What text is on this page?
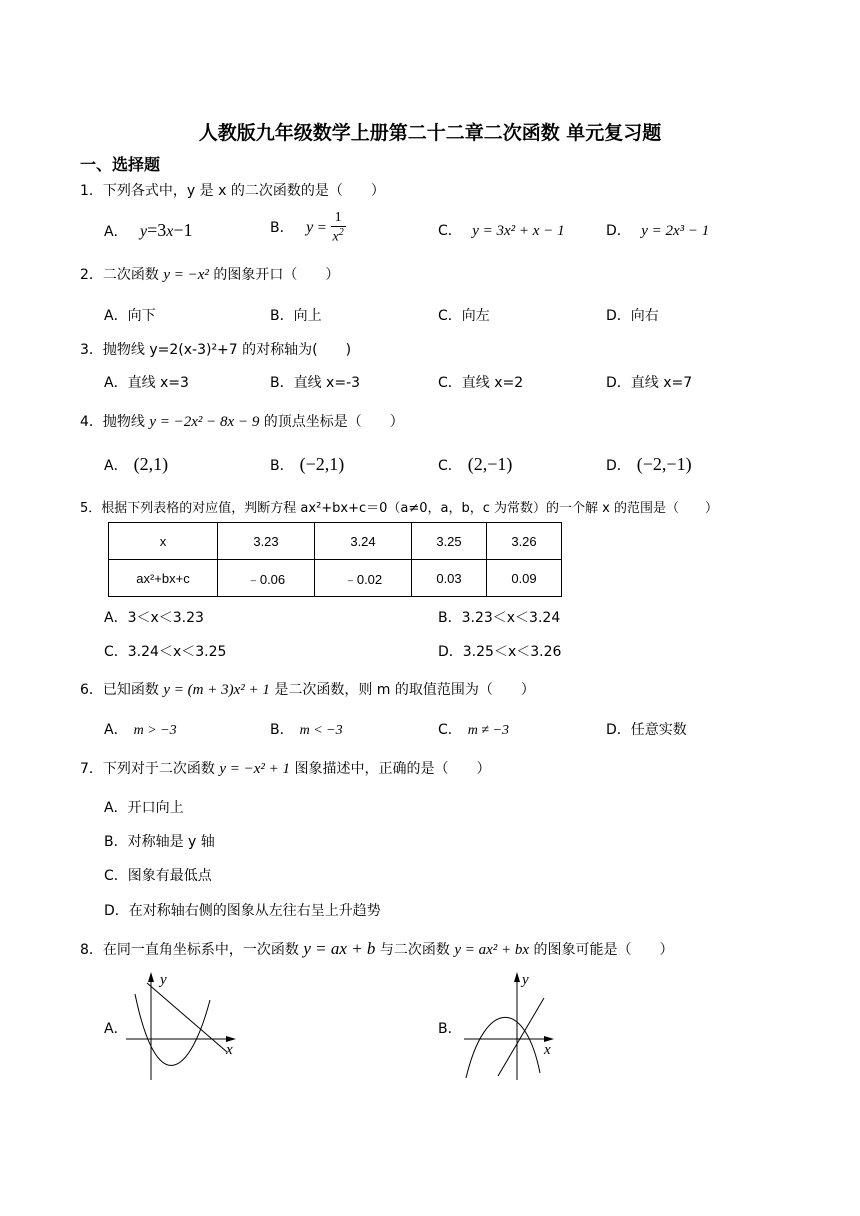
人教版九年级数学上册第二十二章二次函数 单元复习题
一、选择题
1．下列各式中，y 是 x 的二次函数的是（　　）
A． y=3x−1	B． $y = \frac{1}{x^2}$	C． y = 3x² + x − 1	D． y = 2x³ − 1
2．二次函数 y = −x² 的图象开口（　　）
A．向下	B．向上	C．向左	D．向右
3．抛物线 y=2(x-3)²+7 的对称轴为(　　)
A．直线 x=3	B．直线 x=-3	C．直线 x=2	D．直线 x=7
4．抛物线 y = −2x² − 8x − 9 的顶点坐标是（　　）
A． (2,1)	B． (−2,1)	C． (2,−1)	D． (−2,−1)
5．根据下列表格的对应值，判断方程 ax²+bx+c＝0（a≠0，a，b，c 为常数）的一个解 x 的范围是（　　）
x	3.23	3.24	3.25	3.26
ax²+bx+c	﹣0.06	﹣0.02	0.03	0.09
A．3＜x＜3.23	B．3.23＜x＜3.24
C．3.24＜x＜3.25	D．3.25＜x＜3.26
6．已知函数 y = (m + 3)x² + 1 是二次函数，则 m 的取值范围为（　　）
A． m > −3	B． m < −3	C． m ≠ −3	D．任意实数
7．下列对于二次函数 y = −x² + 1 图象描述中，正确的是（　　）
A．开口向上
B．对称轴是 y 轴
C．图象有最低点
D．在对称轴右侧的图象从左往右呈上升趋势
8．在同一直角坐标系中，一次函数 y = ax + b 与二次函数 y = ax² + bx 的图象可能是（　　）
A．
y
x
B．
y
x
